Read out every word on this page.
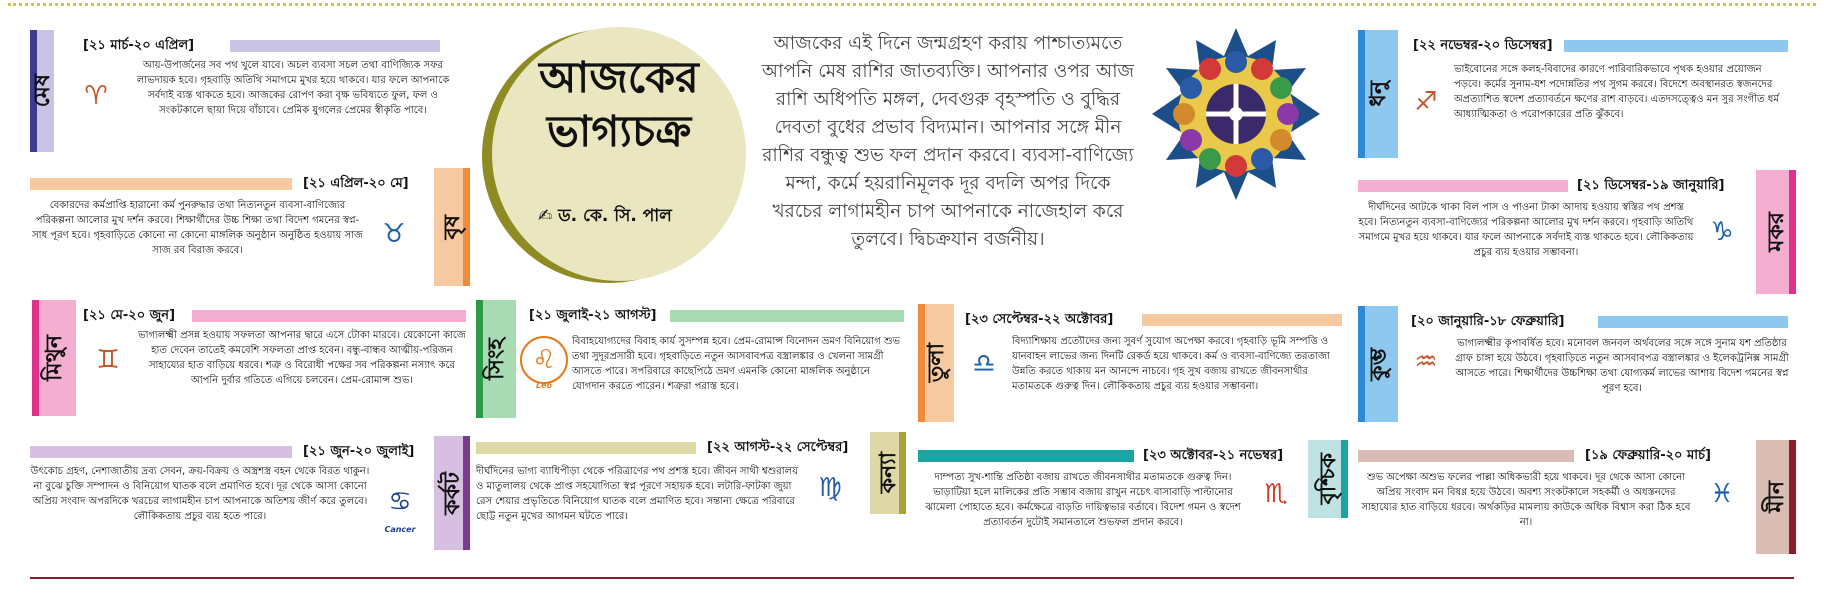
মেষ
[২১ মার্চ-২০ এপ্রিল]
♈
আয়-উপার্জনের সব পথ খুলে যাবে। অচল ব্যবসা সচল তথা বাণিজ্যিক সফর লাভদায়ক হবে। গৃহবাড়ি অতিথি সমাগমে মুখর হয়ে থাকবে। যার ফলে আপনাকে সর্বদাই ব্যস্ত থাকতে হবে। আজকের রোপণ করা বৃক্ষ ভবিষ্যতে ফুল, ফল ও সংকটকালে ছায়া দিয়ে বাঁচাবে। প্রেমিক যুগলের প্রেমের স্বীকৃতি পাবে।
বৃষ
[২১ এপ্রিল-২০ মে]
♉
বেকারদের কর্মপ্রাপ্তি হারানো কর্ম পুনরুদ্ধার তথা নিত্যনতুন ব্যবসা-বাণিজ্যের পরিকল্পনা আলোর মুখ দর্শন করবে। শিক্ষার্থীদের উচ্চ শিক্ষা তথা বিদেশ গমনের স্বপ্ন-সাধ পূরণ হবে। গৃহবাড়িতে কোনো না কোনো মাঙ্গলিক অনুষ্ঠান অনুষ্ঠিত হওয়ায় সাজ সাজ রব বিরাজ করবে।
মিথুন
[২১ মে-২০ জুন]
♊
ভাগ্যলক্ষ্মী প্রসন্ন হওয়ায় সফলতা আপনার দ্বারে এসে টোকা মারবে। যেকোনো কাজে হাত দেবেন তাতেই কমবেশি সফলতা প্রাপ্ত হবেন। বন্ধু-বান্ধব আত্মীয়-পরিজন সাহায্যের হাত বাড়িয়ে ধরবে। শত্রু ও বিরোধী পক্ষের সব পরিকল্পনা নস্যাৎ করে আপনি দুর্বার গতিতে এগিয়ে চলবেন। প্রেম-রোমান্স শুভ।
কর্কট
[২১ জুন-২০ জুলাই]
♋
Cancer
উৎকোচ গ্রহণ, নেশাজাতীয় দ্রব্য সেবন, ক্রয়-বিক্রয় ও অস্ত্রশস্ত্র বহন থেকে বিরত থাকুন। না বুঝে চুক্তি সম্পাদন ও বিনিয়োগ ঘাতক বলে প্রমাণিত হবে। দূর থেকে আসা কোনো অপ্রিয় সংবাদ অপরদিকে খরচের লাগামহীন চাপ আপনাকে অতিশয় জীর্ণ করে তুলবে। লৌকিকতায় প্রচুর ব্যয় হতে পারে।
আজকের
ভাগ্যচক্র
✍ ড. কে. সি. পাল
আজকের এই দিনে জন্মগ্রহণ করায় পাশ্চাত্যমতে আপনি মেষ রাশির জাতব্যক্তি। আপনার ওপর আজ রাশি অধিপতি মঙ্গল, দেবগুরু বৃহস্পতি ও বুদ্ধির দেবতা বুধের প্রভাব বিদ্যমান। আপনার সঙ্গে মীন রাশির বন্ধুত্ব শুভ ফল প্রদান করবে। ব্যবসা-বাণিজ্যে মন্দা, কর্মে হয়রানিমূলক দূর বদলি অপর দিকে খরচের লাগামহীন চাপ আপনাকে নাজেহাল করে তুলবে। দ্বিচক্রযান বর্জনীয়।
সিংহ
[২১ জুলাই-২১ আগস্ট]
♌
Leo
বিবাহযোগ্যদের বিবাহ কার্য সুসম্পন্ন হবে। প্রেম-রোমান্স বিনোদন ভ্রমণ বিনিয়োগ শুভ তথা সুদূরপ্রসারী হবে। গৃহবাড়িতে নতুন আসবাবপত্র বস্ত্রালঙ্কার ও খেলনা সামগ্রী আসতে পারে। সপরিবারে কাছেপিঠে ভ্রমণ এমনকি কোনো মাঙ্গলিক অনুষ্ঠানে যোগদান করতে পারেন। শত্রুরা পরাস্ত হবে।
কন্যা
[২২ আগস্ট-২২ সেপ্টেম্বর]
♍
দীর্ঘদিনের ভাগ্য ব্যাধিপীড়া থেকে পরিত্রাণের পথ প্রশস্ত হবে। জীবন সাথী শ্বশুরালয় ও মাতুলালয় থেকে প্রাপ্ত সহযোগিতা স্বপ্ন পূরণে সহায়ক হবে। লটারি-ফাটকা জুয়া রেস শেয়ার প্রভৃতিতে বিনিয়োগ ঘাতক বলে প্রমাণিত হবে। সন্তান্য ক্ষেত্রে পরিবারে ছোট্ট নতুন মুখের আগমন ঘটতে পারে।
তুলা
[২৩ সেপ্টেম্বর-২২ অক্টোবর]
♎
বিদ্যাশিক্ষায় প্রত্যৌদের জন্য সুবর্ণ সুযোগ অপেক্ষা করবে। গৃহবাড়ি ভূমি সম্পত্তি ও যানবাহন লাভের জন্য দিনটি রেকর্ড হয়ে থাকবে। কর্ম ও ব্যবসা-বাণিজ্যে তরতাজা উন্নতি করতে থাকায় মন আনন্দে নাচবে। গৃহ সুখ বজায় রাখতে জীবনসাথীর মতামতকে গুরুত্ব দিন। লৌকিকতায় প্রচুর ব্যয় হওয়ার সম্ভাবনা।
বৃশ্চিক
[২৩ অক্টোবর-২১ নভেম্বর]
♏
দাম্পত্য সুখ-শান্তি প্রতিষ্ঠা বজায় রাখতে জীবনসাথীর মতামতকে গুরুত্ব দিন। ভাড়াটিয়া হলে মালিকের প্রতি সম্ভাব বজায় রাখুন নচেৎ বাসাবাড়ি পাল্টানোর ঝামেলা পোহাতে হবে। কর্মক্ষেত্রে বাড়তি দায়িত্বভার বর্তাবে। বিদেশ গমন ও স্বদেশ প্রত্যাবর্তন দুটোই সমানতালে শুভফল প্রদান করবে।
ধনু
[২২ নভেম্বর-২০ ডিসেম্বর]
♐
ভাইবোনের সঙ্গে কলহ-বিবাদের কারণে পারিবারিকভাবে পৃথক হওয়ার প্রয়োজন পড়বে। কর্মের সুনাম-যশ পদোন্নতির পথ সুগম করবে। বিদেশে অবস্থানরত স্বজনদের অপ্রত্যাশিত স্বদেশ প্রত্যাবর্তনে ক্ষণের রাশ বাড়বে। এতদসত্ত্বেও মন সুর সংগীত ধর্ম আধ্যাত্মিকতা ও পরোপকারের প্রতি ঝুঁকবে।
মকর
[২১ ডিসেম্বর-১৯ জানুয়ারি]
♑
দীর্ঘদিনের আটকে থাকা বিল পাস ও পাওনা টাকা আদায় হওয়ায় স্বস্তির পথ প্রশস্ত হবে। নিত্যনতুন ব্যবসা-বাণিজ্যের পরিকল্পনা আলোর মুখ দর্শন করবে। গৃহবাড়ি অতিথি সমাগমে মুখর হয়ে থাকবে। যার ফলে আপনাকে সর্বদাই ব্যস্ত থাকতে হবে। লৌকিকতায় প্রচুর ব্যয় হওয়ার সম্ভাবনা।
কুম্ভ
[২০ জানুয়ারি-১৮ ফেব্রুয়ারি]
♒
ভাগ্যলক্ষ্মীর কৃপাবর্ষিত হবে। মনোবল জনবল অর্থবলের সঙ্গে সঙ্গে সুনাম যশ প্রতিষ্ঠার গ্রাফ চাঙ্গা হয়ে উঠবে। গৃহবাড়িতে নতুন আসবাবপত্র বস্ত্রালঙ্কার ও ইলেকট্রনিক্স সামগ্রী আসতে পারে। শিক্ষার্থীদের উচ্চশিক্ষা তথা যোগ্যকর্ম লাভের আশায় বিদেশ গমনের স্বপ্ন পূরণ হবে।
মীন
[১৯ ফেব্রুয়ারি-২০ মার্চ]
♓
শুভ অপেক্ষা অশুভ ফলের পাল্লা অধিকভারী হয়ে থাকবে। দূর থেকে আসা কোনো অপ্রিয় সংবাদ মন বিষণ্ণ হয়ে উঠবে। অবশ্য সংকটকালে সহকর্মী ও অধস্তনদের সাহায্যের হাত বাড়িয়ে ধরবে। অর্থকড়ির মামলায় কাউকে অধিক বিশ্বাস করা ঠিক হবে না।
